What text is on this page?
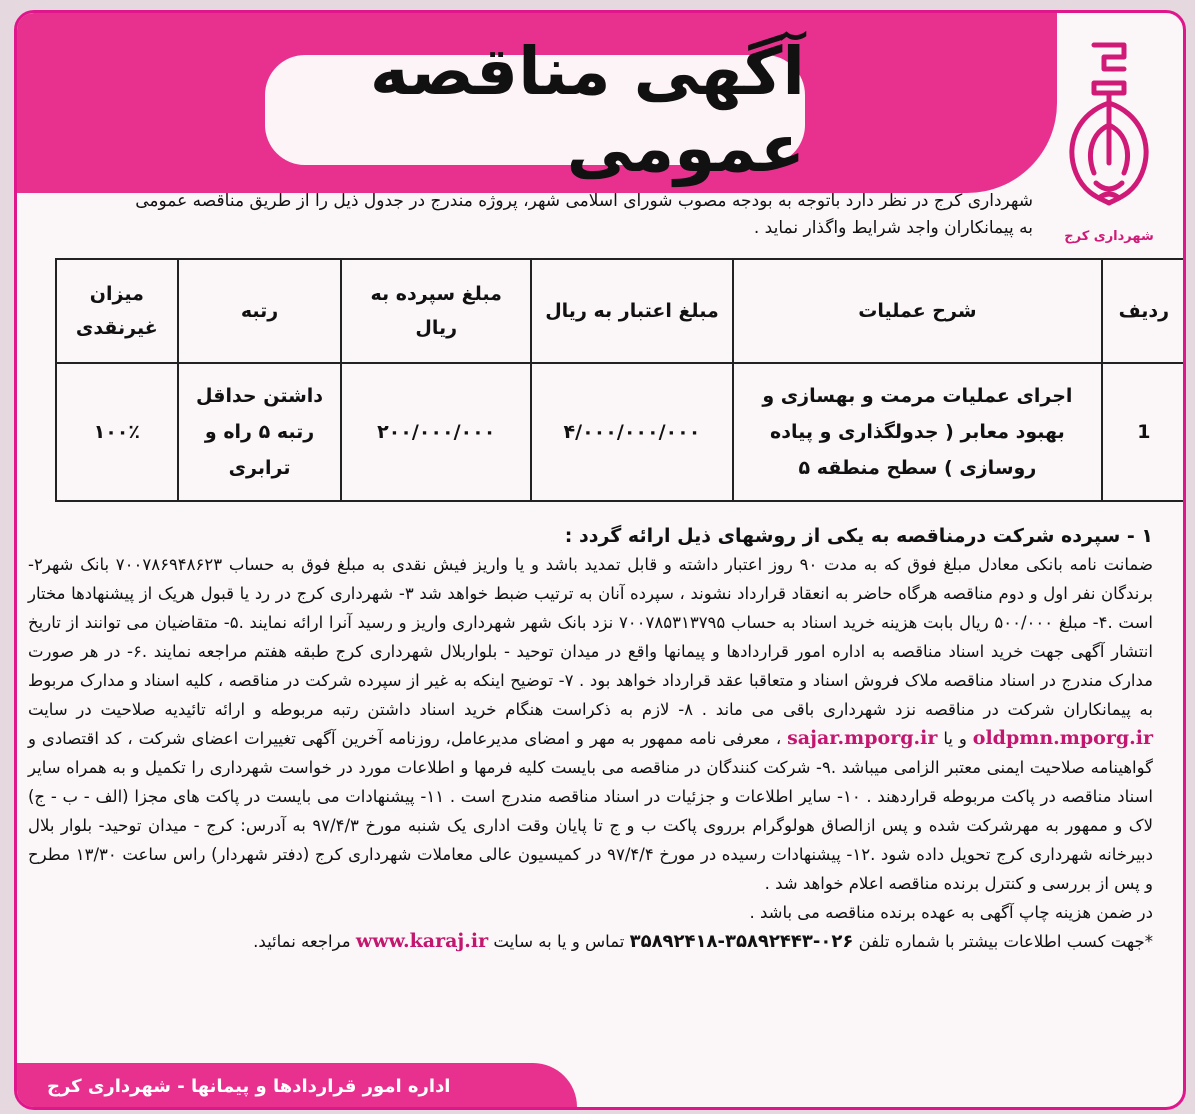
آگهی مناقصه عمومی
شهرداری کرج
شهرداری کرج در نظر دارد باتوجه به بودجه مصوب شورای اسلامی شهر، پروژه مندرج در جدول ذیل را از طریق مناقصه عمومی
به پیمانکاران واجد شرایط واگذار نماید .
ردیف	شرح عملیات	مبلغ اعتبار به ریال	مبلغ سپرده به ریال	رتبه	میزان غیرنقدی
1	اجرای عملیات مرمت و بهسازی و بهبود معابر ( جدولگذاری و پیاده روسازی ) سطح منطقه ۵	۴/۰۰۰/۰۰۰/۰۰۰	۲۰۰/۰۰۰/۰۰۰	داشتن حداقل رتبه ۵ راه و ترابری	۱۰۰٪
۱ - سپرده شرکت درمناقصه به یکی از روشهای ذیل ارائه گردد :
ضمانت نامه بانکی معادل مبلغ فوق که به مدت ۹۰ روز اعتبار داشته و قابل تمدید باشد و یا واریز فیش نقدی به مبلغ فوق به حساب ۷۰۰۷۸۶۹۴۸۶۲۳ بانک شهر۲- برندگان نفر اول و دوم مناقصه هرگاه حاضر به انعقاد قرارداد نشوند ، سپرده آنان به ترتیب ضبط خواهد شد ۳- شهرداری کرج در رد یا قبول هریک از پیشنهادها مختار است .۴- مبلغ ۵۰۰/۰۰۰ ریال بابت هزینه خرید اسناد به حساب ۷۰۰۷۸۵۳۱۳۷۹۵ نزد بانک شهر شهرداری واریز و رسید آنرا ارائه نمایند .۵- متقاضیان می توانند از تاریخ انتشار آگهی جهت خرید اسناد مناقصه به اداره امور قراردادها و پیمانها واقع در میدان توحید - بلواربلال شهرداری کرج طبقه هفتم مراجعه نمایند .۶- در هر صورت مدارک مندرج در اسناد مناقصه ملاک فروش اسناد و متعاقبا عقد قرارداد خواهد بود . ۷- توضیح اینکه به غیر از سپرده شرکت در مناقصه ، کلیه اسناد و مدارک مربوط به پیمانکاران شرکت در مناقصه نزد شهرداری باقی می ماند . ۸- لازم به ذکراست هنگام خرید اسناد داشتن رتبه مربوطه و ارائه تائیدیه صلاحیت در سایت oldpmn.mporg.ir و یا sajar.mporg.ir ، معرفی نامه ممهور به مهر و امضای مدیرعامل، روزنامه آخرین آگهی تغییرات اعضای شرکت ، کد اقتصادی و گواهینامه صلاحیت ایمنی معتبر الزامی میباشد .۹- شرکت کنندگان در مناقصه می بایست کلیه فرمها و اطلاعات مورد در خواست شهرداری را تکمیل و به همراه سایر اسناد مناقصه در پاکت مربوطه قراردهند . ۱۰- سایر اطلاعات و جزئیات در اسناد مناقصه مندرج است . ۱۱- پیشنهادات می بایست در پاکت های مجزا (الف - ب - ج) لاک و ممهور به مهرشرکت شده و پس ازالصاق هولوگرام برروی پاکت ب و ج تا پایان وقت اداری یک شنبه مورخ ۹۷/۴/۳ به آدرس: کرج - میدان توحید- بلوار بلال دبیرخانه شهرداری کرج تحویل داده شود .۱۲- پیشنهادات رسیده در مورخ ۹۷/۴/۴ در کمیسیون عالی معاملات شهرداری کرج (دفتر شهردار) راس ساعت ۱۳/۳۰ مطرح و پس از بررسی و کنترل برنده مناقصه اعلام خواهد شد .
در ضمن هزینه چاپ آگهی به عهده برنده مناقصه می باشد .
*جهت کسب اطلاعات بیشتر با شماره تلفن ۰۲۶-۳۵۸۹۲۴۴۳-۳۵۸۹۲۴۱۸ تماس و یا به سایت www.karaj.ir مراجعه نمائید.
اداره امور قراردادها و پیمانها - شهرداری کرج
